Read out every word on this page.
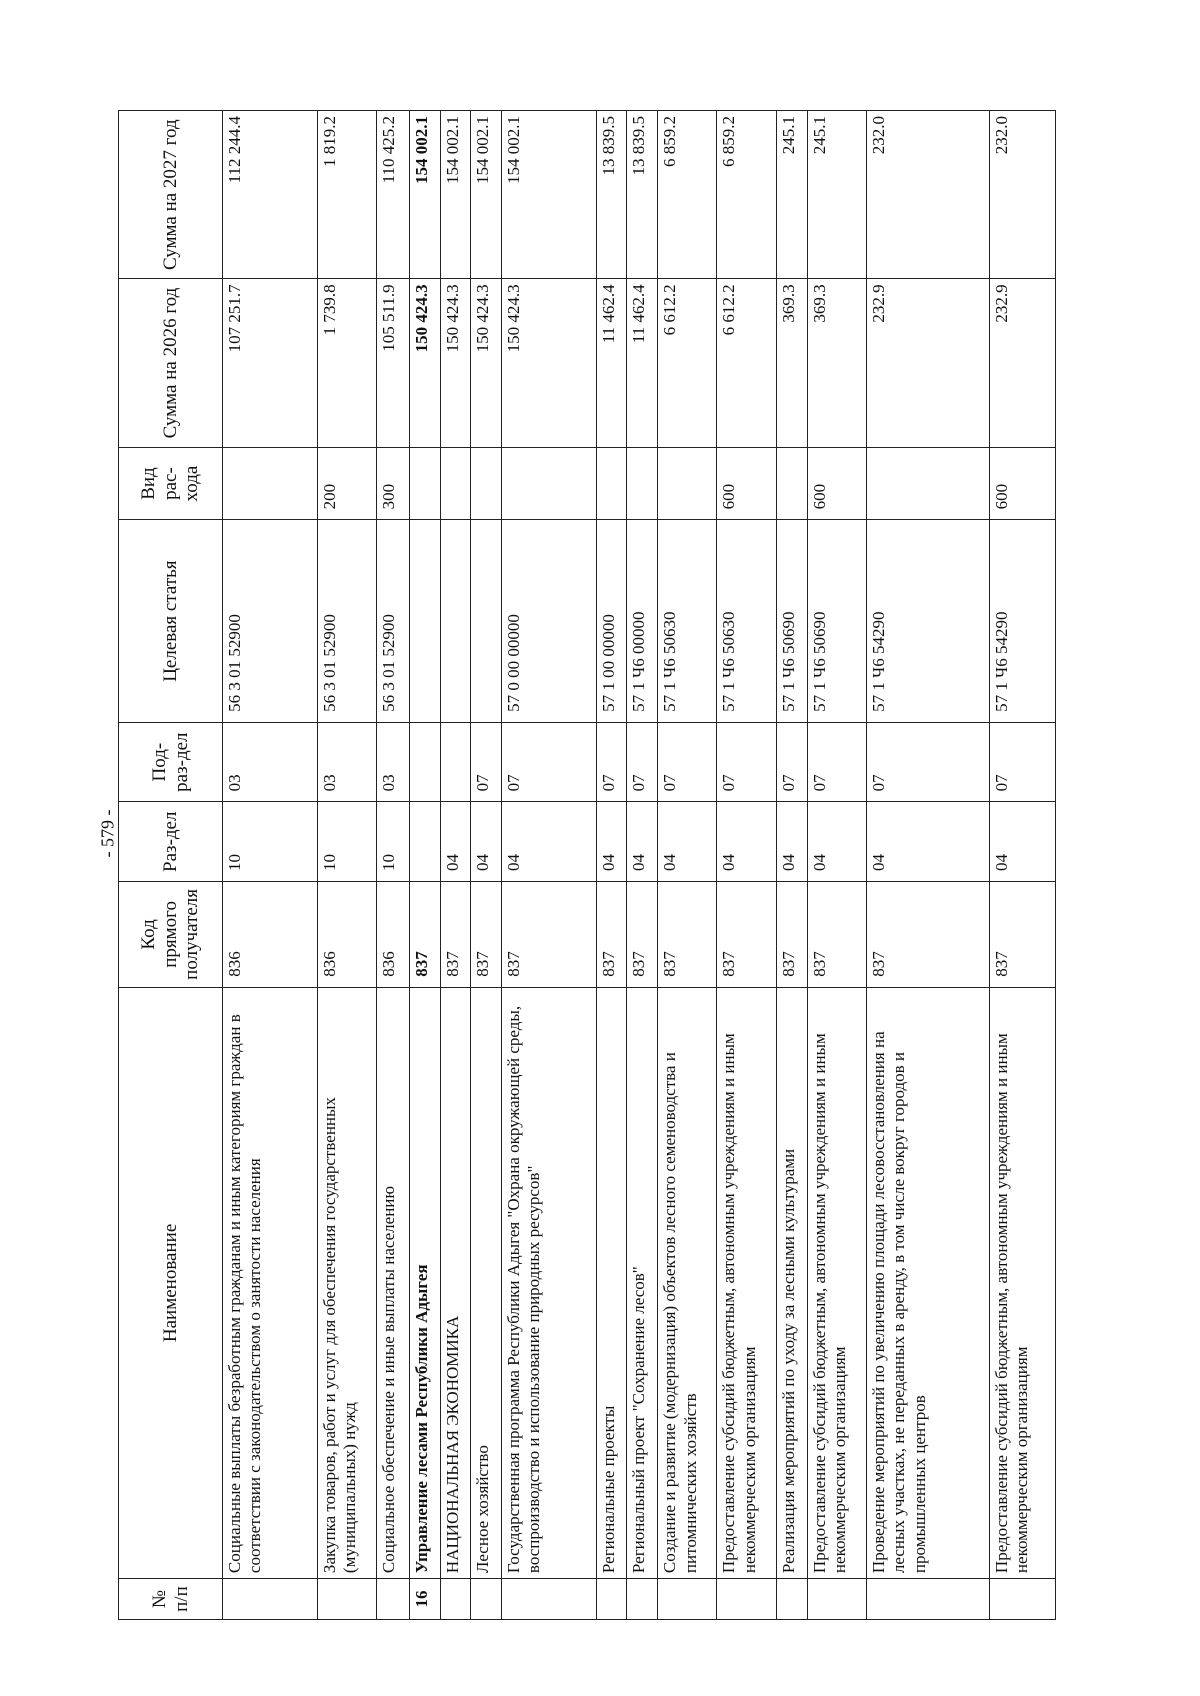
- 579 -
№ п/п	Наименование	Код прямого получателя	Раз-дел	Под-раз-дел	Целевая статья	Вид рас-хода	Сумма на 2026 год	Сумма на 2027 год
	Социальные выплаты безработным гражданам и иным категориям граждан в соответствии с законодательством о занятости населения	836	10	03	56 3 01 52900		107 251.7	112 244.4
	Закупка товаров, работ и услуг для обеспечения государственных (муниципальных) нужд	836	10	03	56 3 01 52900	200	1 739.8	1 819.2
	Социальное обеспечение и иные выплаты населению	836	10	03	56 3 01 52900	300	105 511.9	110 425.2
16	Управление лесами Республики Адыгея	837					150 424.3	154 002.1
	НАЦИОНАЛЬНАЯ ЭКОНОМИКА	837	04				150 424.3	154 002.1
	Лесное хозяйство	837	04	07			150 424.3	154 002.1
	Государственная программа Республики Адыгея "Охрана окружающей среды, воспроизводство и использование природных ресурсов"	837	04	07	57 0 00 00000		150 424.3	154 002.1
	Региональные проекты	837	04	07	57 1 00 00000		11 462.4	13 839.5
	Региональный проект "Сохранение лесов"	837	04	07	57 1 Ч6 00000		11 462.4	13 839.5
	Создание и развитие (модернизация) объектов лесного семеноводства и питомнических хозяйств	837	04	07	57 1 Ч6 50630		6 612.2	6 859.2
	Предоставление субсидий бюджетным, автономным учреждениям и иным некоммерческим организациям	837	04	07	57 1 Ч6 50630	600	6 612.2	6 859.2
	Реализация мероприятий по уходу за лесными культурами	837	04	07	57 1 Ч6 50690		369.3	245.1
	Предоставление субсидий бюджетным, автономным учреждениям и иным некоммерческим организациям	837	04	07	57 1 Ч6 50690	600	369.3	245.1
	Проведение мероприятий по увеличению площади лесовосстановления на лесных участках, не переданных в аренду, в том числе вокруг городов и промышленных центров	837	04	07	57 1 Ч6 54290		232.9	232.0
	Предоставление субсидий бюджетным, автономным учреждениям и иным некоммерческим организациям	837	04	07	57 1 Ч6 54290	600	232.9	232.0
